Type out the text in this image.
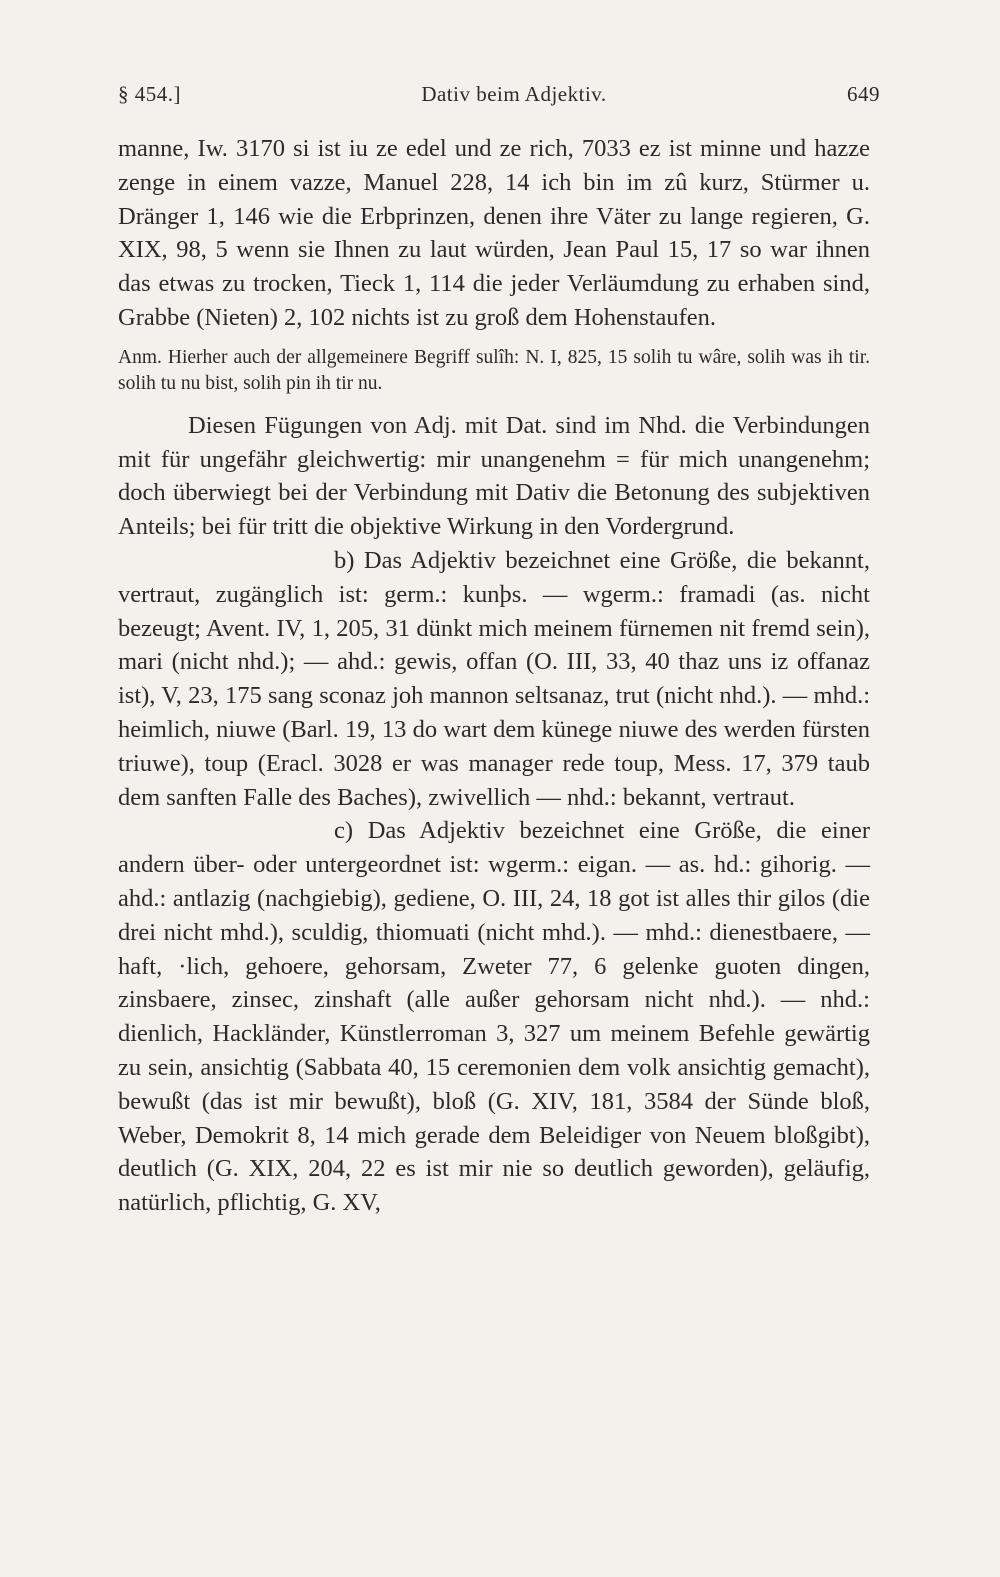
§ 454.]	Dativ beim Adjektiv.	649

manne, Iw. 3170 si ist iu ze edel und ze rich, 7033 ez ist minne und hazze zenge in einem vazze, Manuel 228, 14 ich bin im zû kurz, Stürmer u. Dränger 1, 146 wie die Erbprinzen, denen ihre Väter zu lange regieren, G. XIX, 98, 5 wenn sie Ihnen zu laut würden, Jean Paul 15, 17 so war ihnen das etwas zu trocken, Tieck 1, 114 die jeder Verläumdung zu erhaben sind, Grabbe (Nieten) 2, 102 nichts ist zu groß dem Hohenstaufen.

Anm. Hierher auch der allgemeinere Begriff sulîh: N. I, 825, 15 solih tu wâre, solih was ih tir. solih tu nu bist, solih pin ih tir nu.

Diesen Fügungen von Adj. mit Dat. sind im Nhd. die Verbindungen mit für ungefähr gleichwertig: mir unangenehm = für mich unangenehm; doch überwiegt bei der Verbindung mit Dativ die Betonung des subjektiven Anteils; bei für tritt die objektive Wirkung in den Vordergrund.

b) Das Adjektiv bezeichnet eine Größe, die bekannt, vertraut, zugänglich ist: germ.: kunþs. — wgerm.: framadi (as. nicht bezeugt; Avent. IV, 1, 205, 31 dünkt mich meinem fürnemen nit fremd sein), mari (nicht nhd.); — ahd.: gewis, offan (O. III, 33, 40 thaz uns iz offanaz ist), V, 23, 175 sang sconaz joh mannon seltsanaz, trut (nicht nhd.). — mhd.: heimlich, niuwe (Barl. 19, 13 do wart dem künege niuwe des werden fürsten triuwe), toup (Eracl. 3028 er was manager rede toup, Mess. 17, 379 taub dem sanften Falle des Baches), zwivellich — nhd.: bekannt, vertraut.

c) Das Adjektiv bezeichnet eine Größe, die einer andern über- oder untergeordnet ist: wgerm.: eigan. — as. hd.: gihorig. — ahd.: antlazig (nachgiebig), gediene, O. III, 24, 18 got ist alles thir gilos (die drei nicht mhd.), sculdig, thiomuati (nicht mhd.). — mhd.: dienestbaere, — haft, ·lich, gehoere, gehorsam, Zweter 77, 6 gelenke guoten dingen, zinsbaere, zinsec, zinshaft (alle außer gehorsam nicht nhd.). — nhd.: dienlich, Hackländer, Künstlerroman 3, 327 um meinem Befehle gewärtig zu sein, ansichtig (Sabbata 40, 15 ceremonien dem volk ansichtig gemacht), bewußt (das ist mir bewußt), bloß (G. XIV, 181, 3584 der Sünde bloß, Weber, Demokrit 8, 14 mich gerade dem Beleidiger von Neuem bloßgibt), deutlich (G. XIX, 204, 22 es ist mir nie so deutlich geworden), geläufig, natürlich, pflichtig, G. XV,
